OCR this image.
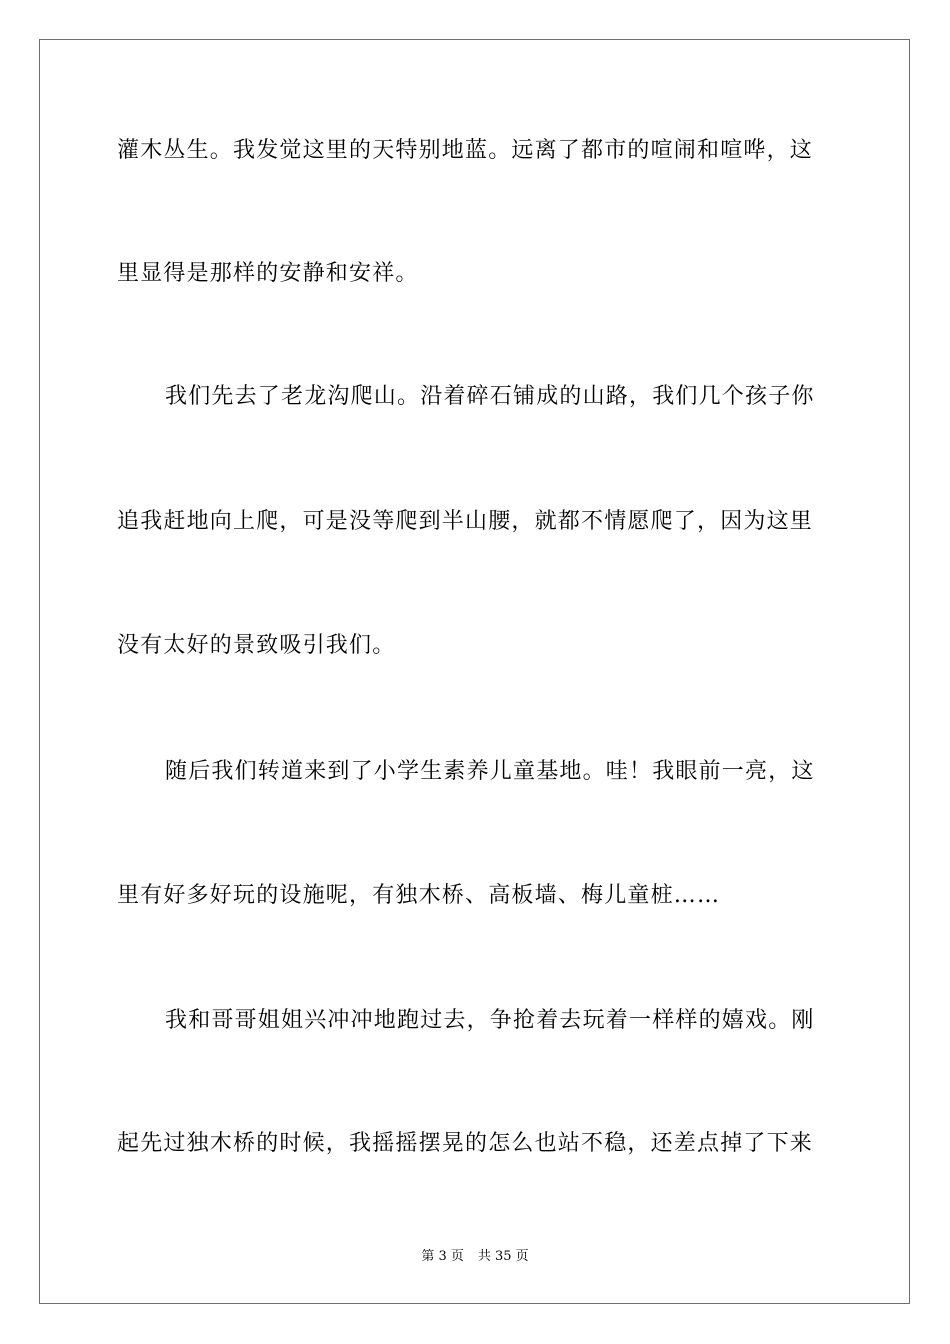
灌木丛生。我发觉这里的天特别地蓝。远离了都市的喧闹和喧哗，这
里显得是那样的安静和安祥。
我们先去了老龙沟爬山。沿着碎石铺成的山路，我们几个孩子你
追我赶地向上爬，可是没等爬到半山腰，就都不情愿爬了，因为这里
没有太好的景致吸引我们。
随后我们转道来到了小学生素养儿童基地。哇！我眼前一亮，这
里有好多好玩的设施呢，有独木桥、高板墙、梅儿童桩……
我和哥哥姐姐兴冲冲地跑过去，争抢着去玩着一样样的嬉戏。刚
起先过独木桥的时候，我摇摇摆晃的怎么也站不稳，还差点掉了下来
第 3 页 共 35 页
